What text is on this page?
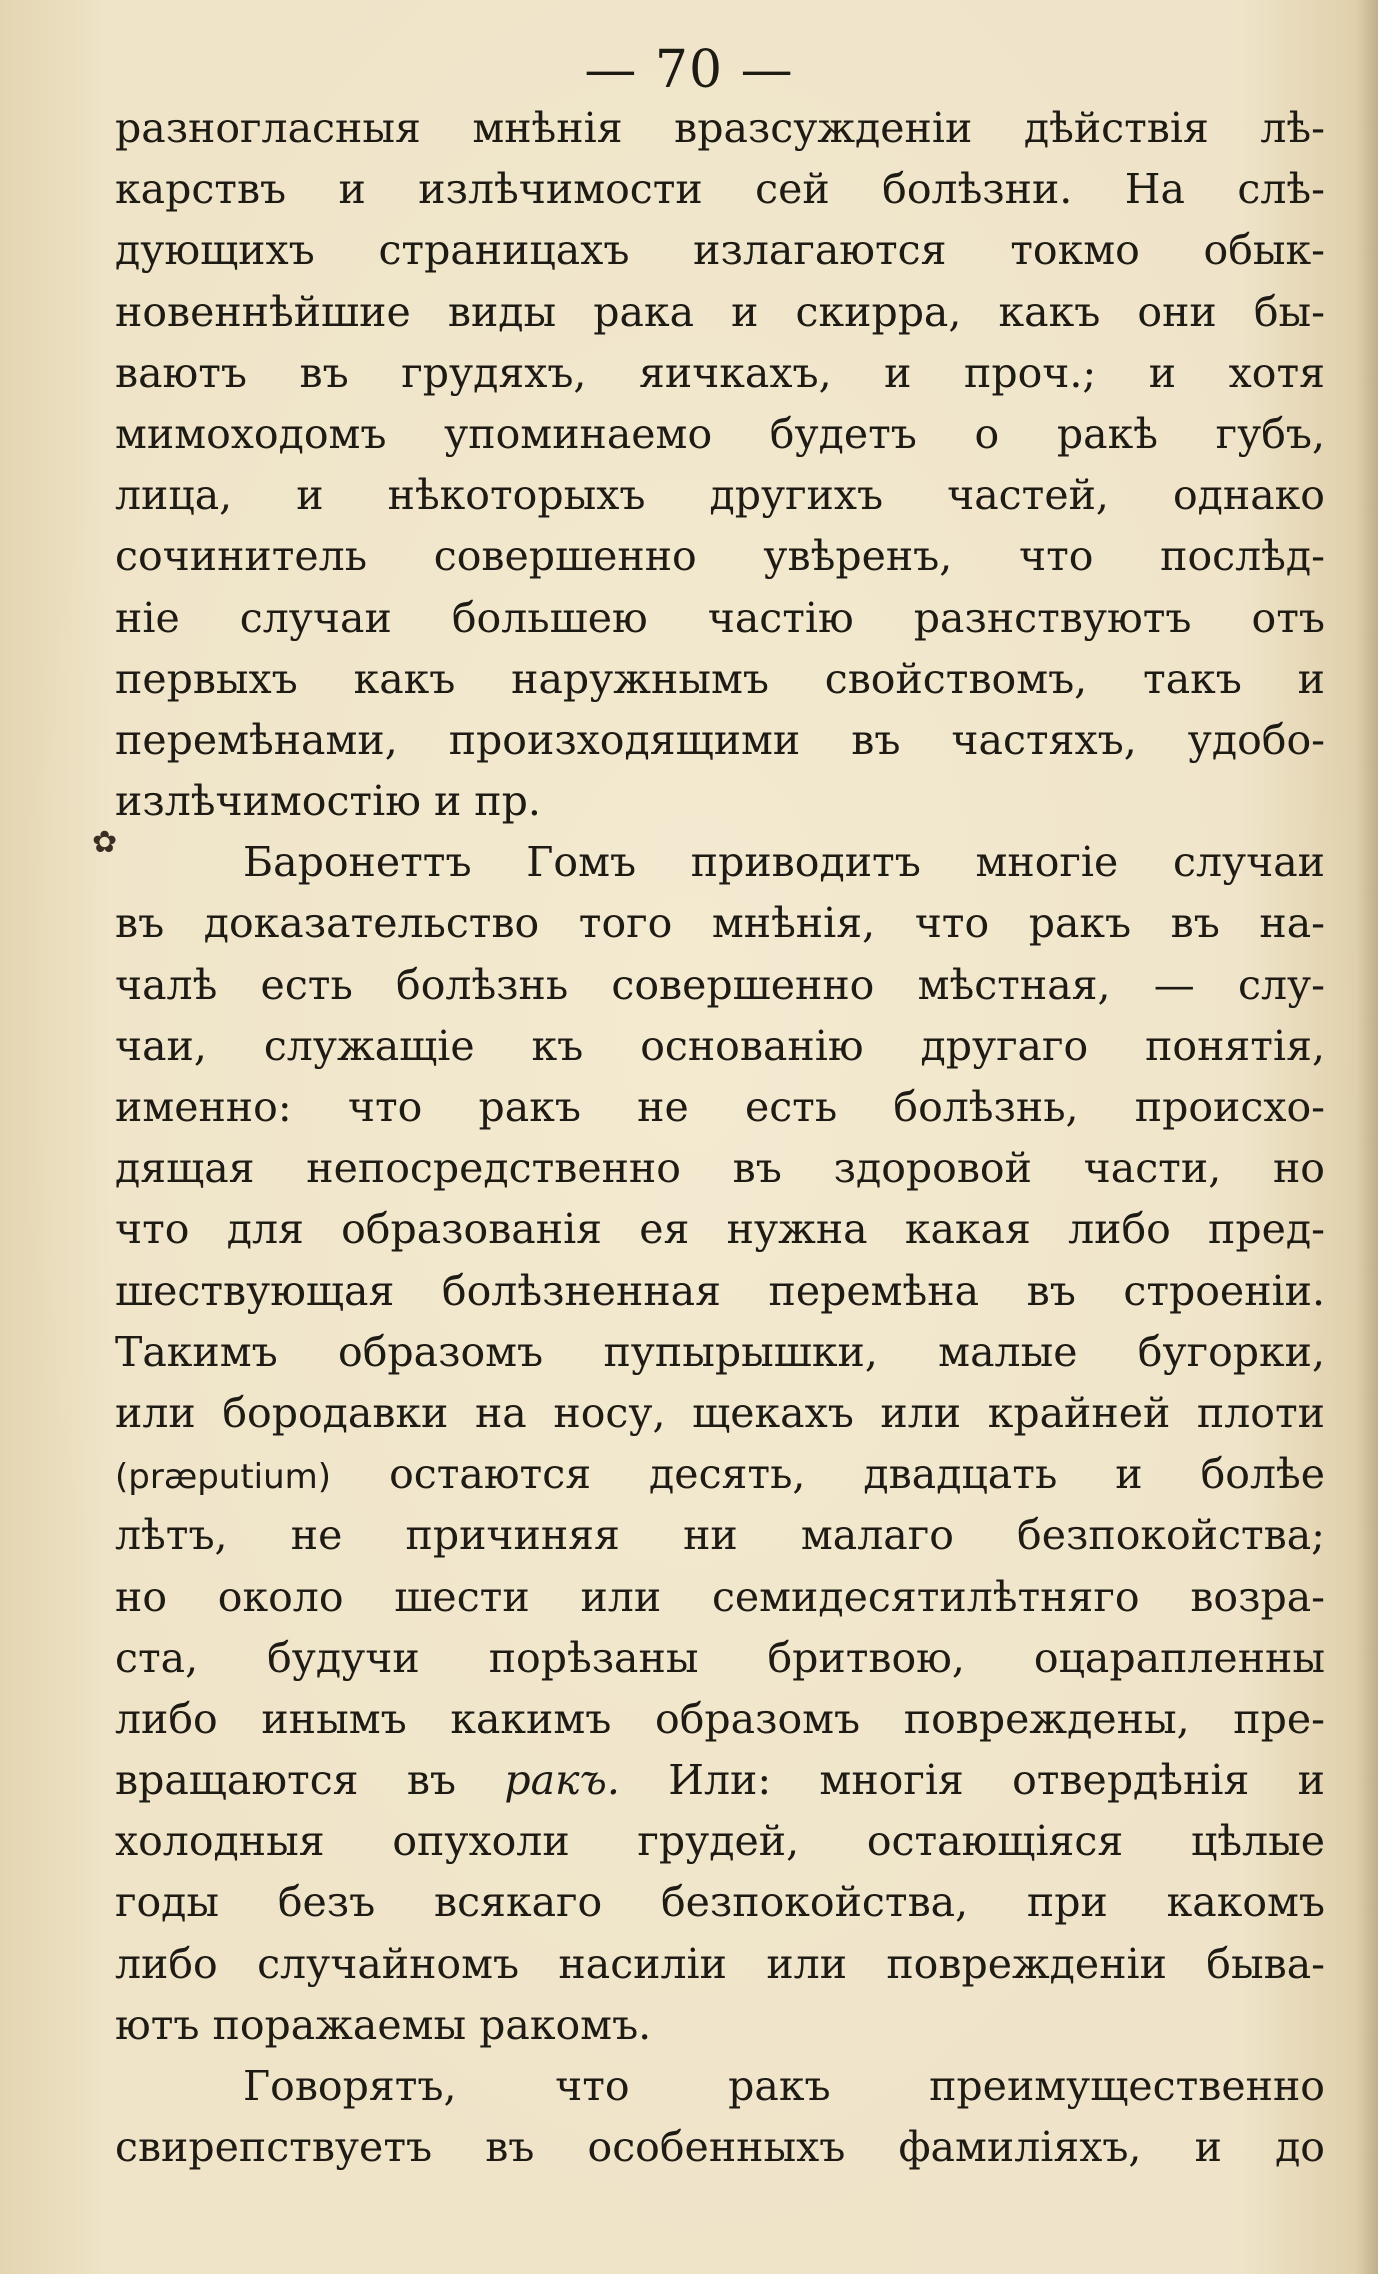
— 70 —
✿
разногласныя мнѣнія вразсужденіи дѣйствія лѣ-
карствъ и излѣчимости сей болѣзни. На слѣ-
дующихъ страницахъ излагаются токмо обык-
новеннѣйшие виды рака и скирра, какъ они бы-
ваютъ въ грудяхъ, яичкахъ, и проч.; и хотя
мимоходомъ упоминаемо будетъ о ракѣ губъ,
лица, и нѣкоторыхъ другихъ частей, однако
сочинитель совершенно увѣренъ, что послѣд-
ніе случаи большею частію разнствуютъ отъ
первыхъ какъ наружнымъ свойствомъ, такъ и
перемѣнами, произходящими въ частяхъ, удобо-
излѣчимостію и пр.
Баронеттъ Гомъ приводитъ многіе случаи
въ доказательство того мнѣнія, что ракъ въ на-
чалѣ есть болѣзнь совершенно мѣстная, — слу-
чаи, служащіе къ основанію другаго понятія,
именно: что ракъ не есть болѣзнь, происхо-
дящая непосредственно въ здоровой части, но
что для образованія ея нужна какая либо пред-
шествующая болѣзненная перемѣна въ строеніи.
Такимъ образомъ пупырышки, малые бугорки,
или бородавки на носу, щекахъ или крайней плоти
(præputium) остаются десять, двадцать и болѣе
лѣтъ, не причиняя ни малаго безпокойства;
но около шести или семидесятилѣтняго возра-
ста, будучи порѣзаны бритвою, оцарапленны
либо инымъ какимъ образомъ повреждены, пре-
вращаются въ ракъ. Или: многія отвердѣнія и
холодныя опухоли грудей, остающіяся цѣлые
годы безъ всякаго безпокойства, при какомъ
либо случайномъ насиліи или поврежденіи быва-
ютъ поражаемы ракомъ.
Говорятъ, что ракъ преимущественно
свирепствуетъ въ особенныхъ фамиліяхъ, и до
